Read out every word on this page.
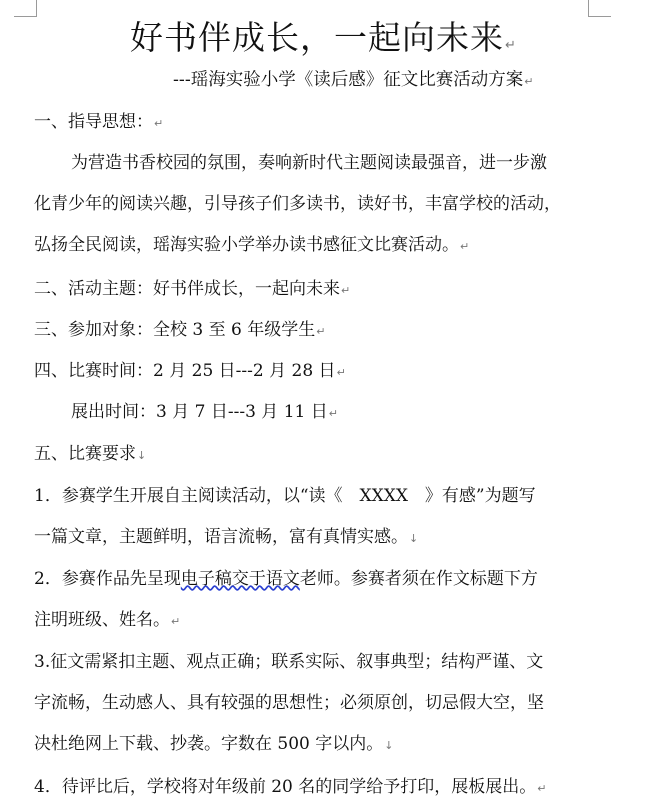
好书伴成长，一起向未来↵
---瑶海实验小学《读后感》征文比赛活动方案↵
一、指导思想：↵
为营造书香校园的氛围，奏响新时代主题阅读最强音，进一步激
化青少年的阅读兴趣，引导孩子们多读书，读好书，丰富学校的活动，
弘扬全民阅读，瑶海实验小学举办读书感征文比赛活动。↵
二、活动主题：好书伴成长，一起向未来↵
三、参加对象：全校 3 至 6 年级学生↵
四、比赛时间：2 月 25 日---2 月 28 日↵
展出时间：3 月 7 日---3 月 11 日↵
五、比赛要求↓
1．参赛学生开展自主阅读活动，以“读《　XXXX　》有感”为题写
一篇文章，主题鲜明，语言流畅，富有真情实感。↓
2．参赛作品先呈现电子稿交于语文老师。参赛者须在作文标题下方
注明班级、姓名。↵
3.征文需紧扣主题、观点正确；联系实际、叙事典型；结构严谨、文
字流畅，生动感人、具有较强的思想性；必须原创，切忌假大空，坚
决杜绝网上下载、抄袭。字数在 500 字以内。↓
4．待评比后，学校将对年级前 20 名的同学给予打印，展板展出。↵
